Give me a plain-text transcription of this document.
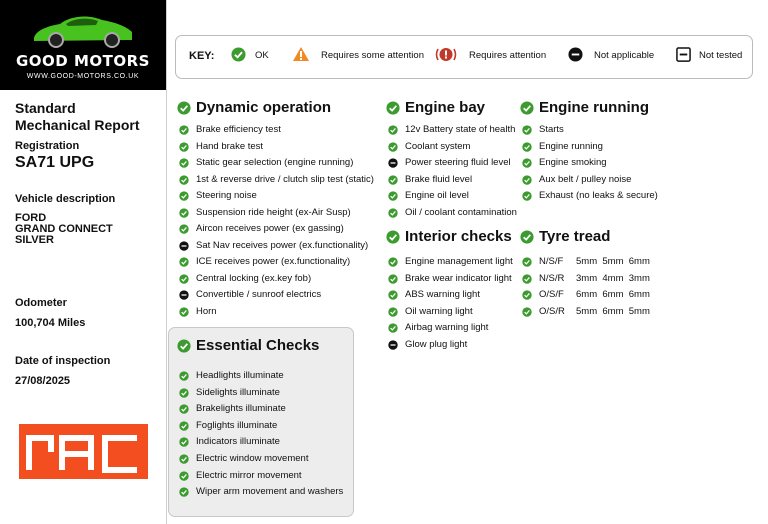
GOOD MOTORS
WWW.GOOD-MOTORS.CO.UK
Standard
Mechanical Report
Registration
SA71 UPG
Vehicle description
FORD
GRAND CONNECT
SILVER
Odometer
100,704 Miles
Date of inspection
27/08/2025
KEY:	OK	Requires some attention	Requires attention	Not applicable	Not tested
Dynamic operation
Brake efficiency test
Hand brake test
Static gear selection (engine running)
1st & reverse drive / clutch slip test (static)
Steering noise
Suspension ride height (ex-Air Susp)
Aircon receives power (ex gassing)
Sat Nav receives power (ex.functionality)
ICE receives power (ex.functionality)
Central locking (ex.key fob)
Convertible / sunroof electrics
Horn
Essential Checks
Headlights illuminate
Sidelights illuminate
Brakelights illuminate
Foglights illuminate
Indicators illuminate
Electric window movement
Electric mirror movement
Wiper arm movement and washers
Engine bay
12v Battery state of health
Coolant system
Power steering fluid level
Brake fluid level
Engine oil level
Oil / coolant contamination
Interior checks
Engine management light
Brake wear indicator light
ABS warning light
Oil warning light
Airbag warning light
Glow plug light
Engine running
Starts
Engine running
Engine smoking
Aux belt / pulley noise
Exhaust (no leaks & secure)
Tyre tread
N/S/F 5mm  5mm  6mm
N/S/R 3mm  4mm  3mm
O/S/F 6mm  6mm  6mm
O/S/R 5mm  6mm  5mm
